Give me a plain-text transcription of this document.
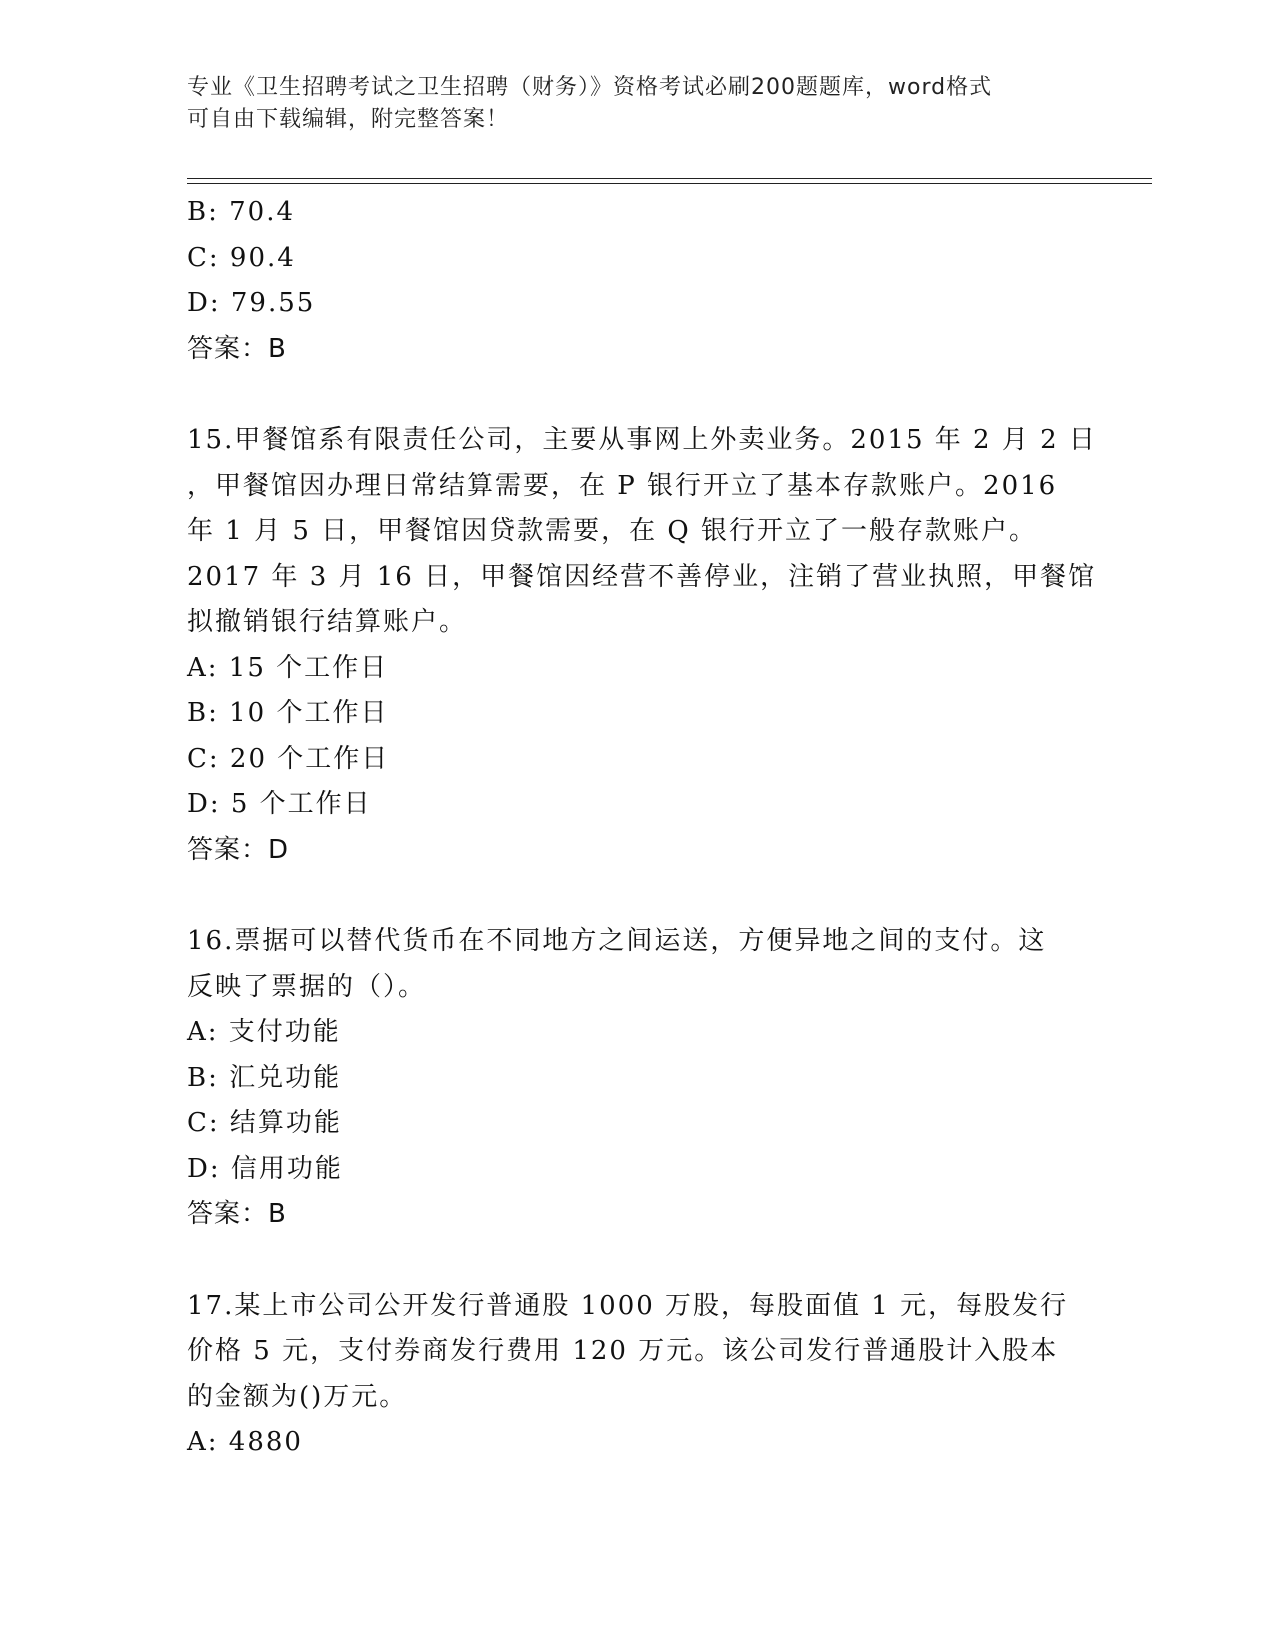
专业《卫生招聘考试之卫生招聘（财务）》资格考试必刷200题题库，word格式
可自由下载编辑，附完整答案！
B: 70.4
C: 90.4
D: 79.55
答案：B
15.甲餐馆系有限责任公司，主要从事网上外卖业务。2015 年 2 月 2 日
，甲餐馆因办理日常结算需要，在 P 银行开立了基本存款账户。2016
年 1 月 5 日，甲餐馆因贷款需要，在 Q 银行开立了一般存款账户。
2017 年 3 月 16 日，甲餐馆因经营不善停业，注销了营业执照，甲餐馆
拟撤销银行结算账户。
A: 15 个工作日
B: 10 个工作日
C: 20 个工作日
D: 5 个工作日
答案：D
16.票据可以替代货币在不同地方之间运送，方便异地之间的支付。这
反映了票据的（）。
A: 支付功能
B: 汇兑功能
C: 结算功能
D: 信用功能
答案：B
17.某上市公司公开发行普通股 1000 万股，每股面值 1 元，每股发行
价格 5 元，支付券商发行费用 120 万元。该公司发行普通股计入股本
的金额为()万元。
A: 4880
